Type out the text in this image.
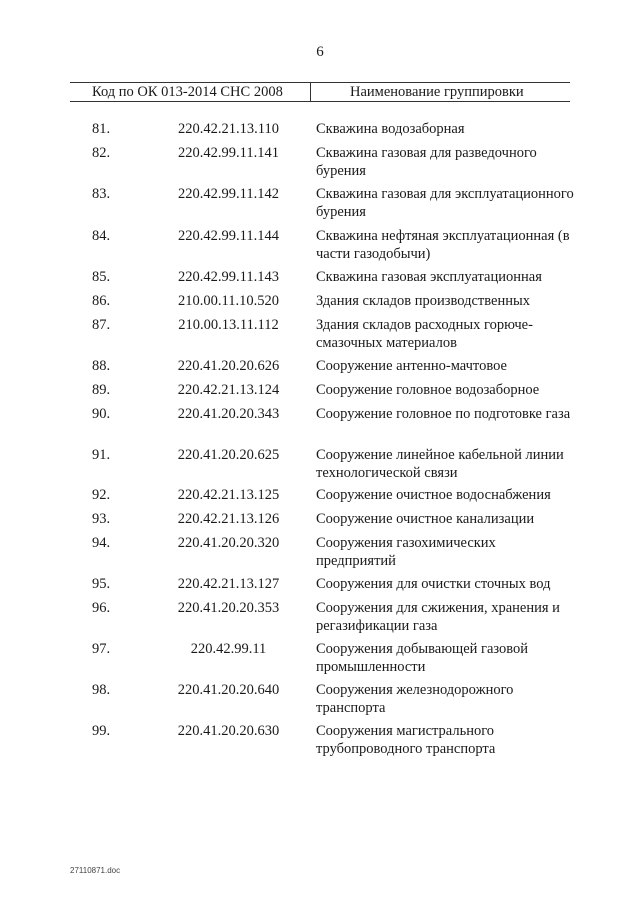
6
Код по ОК 013-2014 СНС 2008	Наименование группировки
81.	220.42.21.13.110	Скважина водозаборная
82.	220.42.99.11.141	Скважина газовая для разведочного бурения
83.	220.42.99.11.142	Скважина газовая для эксплуатационного бурения
84.	220.42.99.11.144	Скважина нефтяная эксплуатационная (в части газодобычи)
85.	220.42.99.11.143	Скважина газовая эксплуатационная
86.	210.00.11.10.520	Здания складов производственных
87.	210.00.13.11.112	Здания складов расходных горюче-смазочных материалов
88.	220.41.20.20.626	Сооружение антенно-мачтовое
89.	220.42.21.13.124	Сооружение головное водозаборное
90.	220.41.20.20.343	Сооружение головное по подготовке газа
91.	220.41.20.20.625	Сооружение линейное кабельной линии технологической связи
92.	220.42.21.13.125	Сооружение очистное водоснабжения
93.	220.42.21.13.126	Сооружение очистное канализации
94.	220.41.20.20.320	Сооружения газохимических предприятий
95.	220.42.21.13.127	Сооружения для очистки сточных вод
96.	220.41.20.20.353	Сооружения для сжижения, хранения и регазификации газа
97.	220.42.99.11	Сооружения добывающей газовой промышленности
98.	220.41.20.20.640	Сооружения железнодорожного транспорта
99.	220.41.20.20.630	Сооружения магистрального трубопроводного транспорта
27110871.doc
